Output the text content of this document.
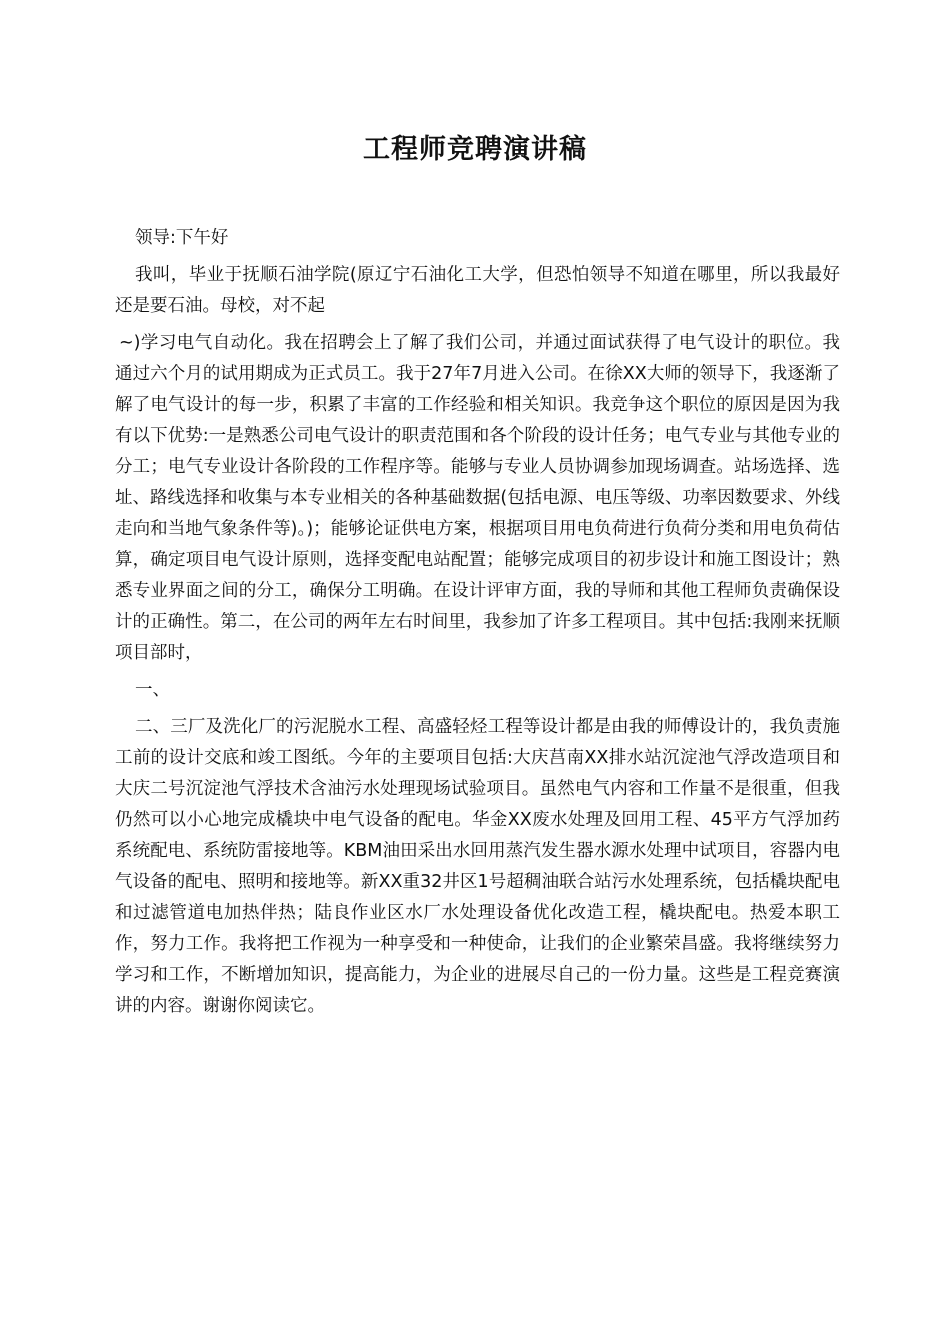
工程师竞聘演讲稿

领导:下午好

我叫，毕业于抚顺石油学院(原辽宁石油化工大学，但恐怕领导不知道在哪里，所以我最好还是要石油。母校，对不起

~)学习电气自动化。我在招聘会上了解了我们公司，并通过面试获得了电气设计的职位。我通过六个月的试用期成为正式员工。我于27年7月进入公司。在徐XX大师的领导下，我逐渐了解了电气设计的每一步，积累了丰富的工作经验和相关知识。我竞争这个职位的原因是因为我有以下优势:一是熟悉公司电气设计的职责范围和各个阶段的设计任务；电气专业与其他专业的分工；电气专业设计各阶段的工作程序等。能够与专业人员协调参加现场调查。站场选择、选址、路线选择和收集与本专业相关的各种基础数据(包括电源、电压等级、功率因数要求、外线走向和当地气象条件等)。)；能够论证供电方案，根据项目用电负荷进行负荷分类和用电负荷估算，确定项目电气设计原则，选择变配电站配置；能够完成项目的初步设计和施工图设计；熟悉专业界面之间的分工，确保分工明确。在设计评审方面，我的导师和其他工程师负责确保设计的正确性。第二，在公司的两年左右时间里，我参加了许多工程项目。其中包括:我刚来抚顺项目部时，

一、

二、三厂及洗化厂的污泥脱水工程、高盛轻烃工程等设计都是由我的师傅设计的，我负责施工前的设计交底和竣工图纸。今年的主要项目包括:大庆莒南XX排水站沉淀池气浮改造项目和大庆二号沉淀池气浮技术含油污水处理现场试验项目。虽然电气内容和工作量不是很重，但我仍然可以小心地完成橇块中电气设备的配电。华金XX废水处理及回用工程、45平方气浮加药系统配电、系统防雷接地等。KBM油田采出水回用蒸汽发生器水源水处理中试项目，容器内电气设备的配电、照明和接地等。新XX重32井区1号超稠油联合站污水处理系统，包括橇块配电和过滤管道电加热伴热；陆良作业区水厂水处理设备优化改造工程，橇块配电。热爱本职工作，努力工作。我将把工作视为一种享受和一种使命，让我们的企业繁荣昌盛。我将继续努力学习和工作，不断增加知识，提高能力，为企业的进展尽自己的一份力量。这些是工程竞赛演讲的内容。谢谢你阅读它。
